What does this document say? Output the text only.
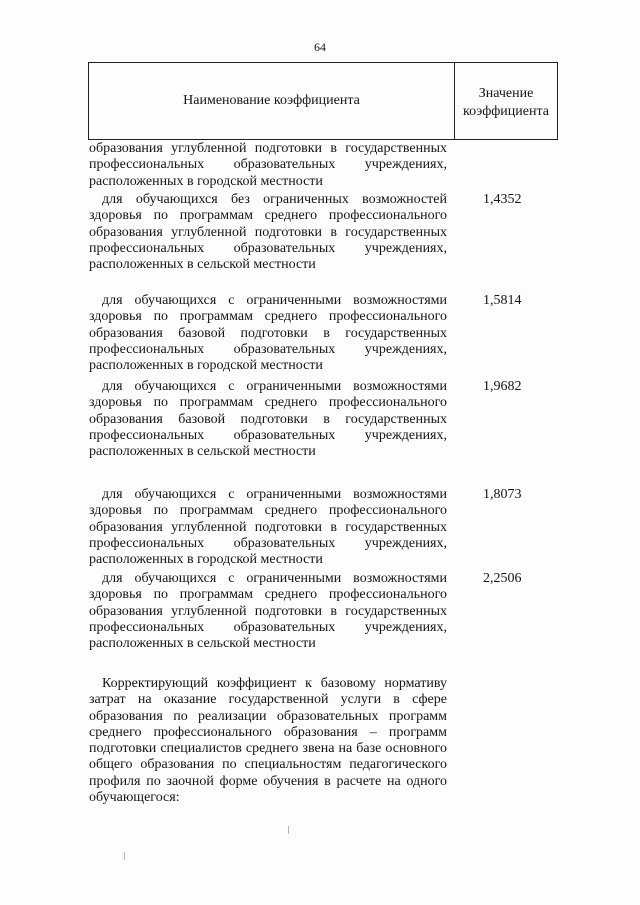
64
Наименование коэффициента	Значение
коэффициента
образования углубленной подготовки в государственных профессиональных образовательных учреждениях, расположенных в городской местности
для обучающихся без ограниченных возможностей здоровья по программам среднего профессионального образования углубленной подготовки в государственных профессиональных образовательных учреждениях, расположенных в сельской местности
1,4352
для обучающихся с ограниченными возможностями здоровья по программам среднего профессионального образования базовой подготовки в государственных профессиональных образовательных учреждениях, расположенных в городской местности
1,5814
для обучающихся с ограниченными возможностями здоровья по программам среднего профессионального образования базовой подготовки в государственных профессиональных образовательных учреждениях, расположенных в сельской местности
1,9682
для обучающихся с ограниченными возможностями здоровья по программам среднего профессионального образования углубленной подготовки в государственных профессиональных образовательных учреждениях, расположенных в городской местности
1,8073
для обучающихся с ограниченными возможностями здоровья по программам среднего профессионального образования углубленной подготовки в государственных профессиональных образовательных учреждениях, расположенных в сельской местности
2,2506
Корректирующий коэффициент к базовому нормативу затрат на оказание государственной услуги в сфере образования по реализации образовательных программ среднего профессионального образования – программ подготовки специалистов среднего звена на базе основного общего образования по специальностям педагогического профиля по заочной форме обучения в расчете на одного обучающегося:
